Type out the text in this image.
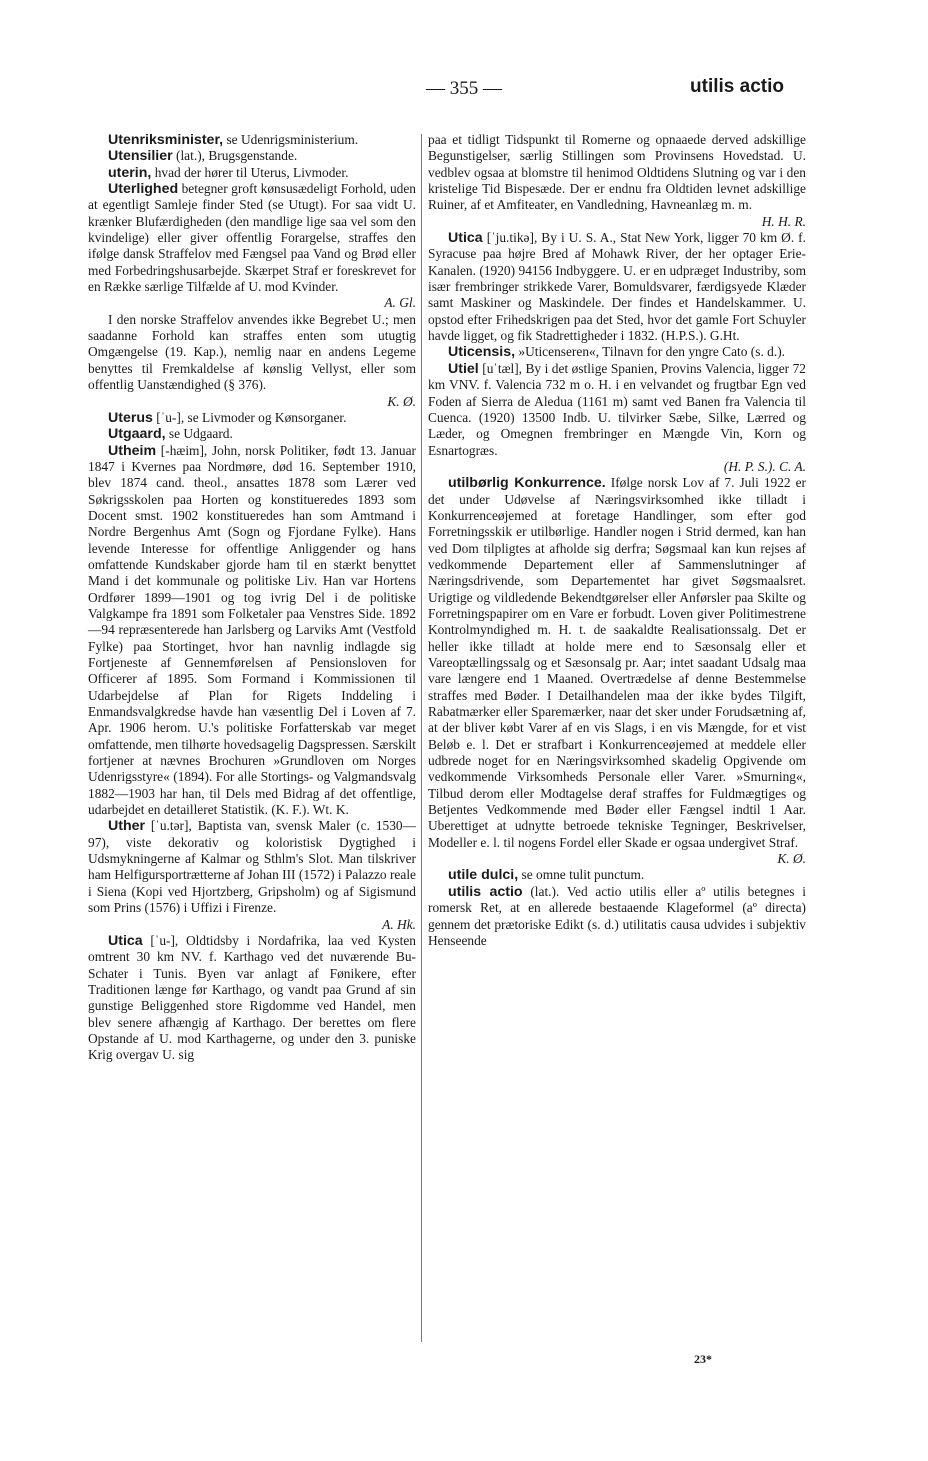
— 355 —	utilis actio

Utenriksminister, se Udenrigsministerium.

Utensilier (lat.), Brugsgenstande.

uterin, hvad der hører til Uterus, Livmoder.

Uterlighed betegner groft kønsusædeligt Forhold, uden at egentligt Samleje finder Sted (se Utugt). For saa vidt U. krænker Blufærdigheden (den mandlige lige saa vel som den kvindelige) eller giver offentlig Forargelse, straffes den ifølge dansk Straffelov med Fængsel paa Vand og Brød eller med Forbedringshusarbejde. Skærpet Straf er foreskrevet for en Række særlige Tilfælde af U. mod Kvinder.

A. Gl.

I den norske Straffelov anvendes ikke Begrebet U.; men saadanne Forhold kan straffes enten som utugtig Omgængelse (19. Kap.), nemlig naar en andens Legeme benyttes til Fremkaldelse af kønslig Vellyst, eller som offentlig Uanstændighed (§ 376).

K. Ø.

Uterus [ˈu-], se Livmoder og Kønsorganer.

Utgaard, se Udgaard.

Utheim [-hæim], John, norsk Politiker, født 13. Januar 1847 i Kvernes paa Nordmøre, død 16. September 1910, blev 1874 cand. theol., ansattes 1878 som Lærer ved Søkrigsskolen paa Horten og konstitueredes 1893 som Docent smst. 1902 konstitueredes han som Amtmand i Nordre Bergenhus Amt (Sogn og Fjordane Fylke). Hans levende Interesse for offentlige Anliggender og hans omfattende Kundskaber gjorde ham til en stærkt benyttet Mand i det kommunale og politiske Liv. Han var Hortens Ordfører 1899—1901 og tog ivrig Del i de politiske Valgkampe fra 1891 som Folketaler paa Venstres Side. 1892—94 repræsenterede han Jarlsberg og Larviks Amt (Vestfold Fylke) paa Stortinget, hvor han navnlig indlagde sig Fortjeneste af Gennemførelsen af Pensionsloven for Officerer af 1895. Som Formand i Kommissionen til Udarbejdelse af Plan for Rigets Inddeling i Enmandsvalgkredse havde han væsentlig Del i Loven af 7. Apr. 1906 herom. U.'s politiske Forfatterskab var meget omfattende, men tilhørte hovedsagelig Dagspressen. Særskilt fortjener at nævnes Brochuren »Grundloven om Norges Udenrigsstyre« (1894). For alle Stortings- og Valgmandsvalg 1882—1903 har han, til Dels med Bidrag af det offentlige, udarbejdet en detailleret Statistik. (K. F.). Wt. K.

Uther [ˈu.tər], Baptista van, svensk Maler (c. 1530—97), viste dekorativ og koloristisk Dygtighed i Udsmykningerne af Kalmar og Sthlm's Slot. Man tilskriver ham Helfigursportrætterne af Johan III (1572) i Palazzo reale i Siena (Kopi ved Hjortzberg, Gripsholm) og af Sigismund som Prins (1576) i Uffizi i Firenze.

A. Hk.

Utica [ˈu-], Oldtidsby i Nordafrika, laa ved Kysten omtrent 30 km NV. f. Karthago ved det nuværende Bu-Schater i Tunis. Byen var anlagt af Fønikere, efter Traditionen længe før Karthago, og vandt paa Grund af sin gunstige Beliggenhed store Rigdomme ved Handel, men blev senere afhængig af Karthago. Der berettes om flere Opstande af U. mod Karthagerne, og under den 3. puniske Krig overgav U. sig

paa et tidligt Tidspunkt til Romerne og opnaaede derved adskillige Begunstigelser, særlig Stillingen som Provinsens Hovedstad. U. vedblev ogsaa at blomstre til henimod Oldtidens Slutning og var i den kristelige Tid Bispesæde. Der er endnu fra Oldtiden levnet adskillige Ruiner, af et Amfiteater, en Vandledning, Havneanlæg m. m.

H. H. R.

Utica [ˈju.tikə], By i U. S. A., Stat New York, ligger 70 km Ø. f. Syracuse paa højre Bred af Mohawk River, der her optager Erie-Kanalen. (1920) 94156 Indbyggere. U. er en udpræget Industriby, som især frembringer strikkede Varer, Bomuldsvarer, færdigsyede Klæder samt Maskiner og Maskindele. Der findes et Handelskammer. U. opstod efter Frihedskrigen paa det Sted, hvor det gamle Fort Schuyler havde ligget, og fik Stadrettigheder i 1832. (H.P.S.). G.Ht.

Uticensis, »Uticenseren«, Tilnavn for den yngre Cato (s. d.).

Utiel [uˈtæl], By i det østlige Spanien, Provins Valencia, ligger 72 km VNV. f. Valencia 732 m o. H. i en velvandet og frugtbar Egn ved Foden af Sierra de Aledua (1161 m) samt ved Banen fra Valencia til Cuenca. (1920) 13500 Indb. U. tilvirker Sæbe, Silke, Lærred og Læder, og Omegnen frembringer en Mængde Vin, Korn og Esnartogræs.

(H. P. S.). C. A.

utilbørlig Konkurrence. Ifølge norsk Lov af 7. Juli 1922 er det under Udøvelse af Næringsvirksomhed ikke tilladt i Konkurrenceøjemed at foretage Handlinger, som efter god Forretningsskik er utilbørlige. Handler nogen i Strid dermed, kan han ved Dom tilpligtes at afholde sig derfra; Søgsmaal kan kun rejses af vedkommende Departement eller af Sammenslutninger af Næringsdrivende, som Departementet har givet Søgsmaalsret. Urigtige og vildledende Bekendtgørelser eller Anførsler paa Skilte og Forretningspapirer om en Vare er forbudt. Loven giver Politimestrene Kontrolmyndighed m. H. t. de saakaldte Realisationssalg. Det er heller ikke tilladt at holde mere end to Sæsonsalg eller et Vareoptællingssalg og et Sæsonsalg pr. Aar; intet saadant Udsalg maa vare længere end 1 Maaned. Overtrædelse af denne Bestemmelse straffes med Bøder. I Detailhandelen maa der ikke bydes Tilgift, Rabatmærker eller Sparemærker, naar det sker under Forudsætning af, at der bliver købt Varer af en vis Slags, i en vis Mængde, for et vist Beløb e. l. Det er strafbart i Konkurrenceøjemed at meddele eller udbrede noget for en Næringsvirksomhed skadelig Opgivende om vedkommende Virksomheds Personale eller Varer. »Smurning«, Tilbud derom eller Modtagelse deraf straffes for Fuldmægtiges og Betjentes Vedkommende med Bøder eller Fængsel indtil 1 Aar. Uberettiget at udnytte betroede tekniske Tegninger, Beskrivelser, Modeller e. l. til nogens Fordel eller Skade er ogsaa undergivet Straf.

K. Ø.

utile dulci, se omne tulit punctum.

utilis actio (lat.). Ved actio utilis eller aº utilis betegnes i romersk Ret, at en allerede bestaaende Klageformel (aº directa) gennem det prætoriske Edikt (s. d.) utilitatis causa udvides i subjektiv Henseende

23*
